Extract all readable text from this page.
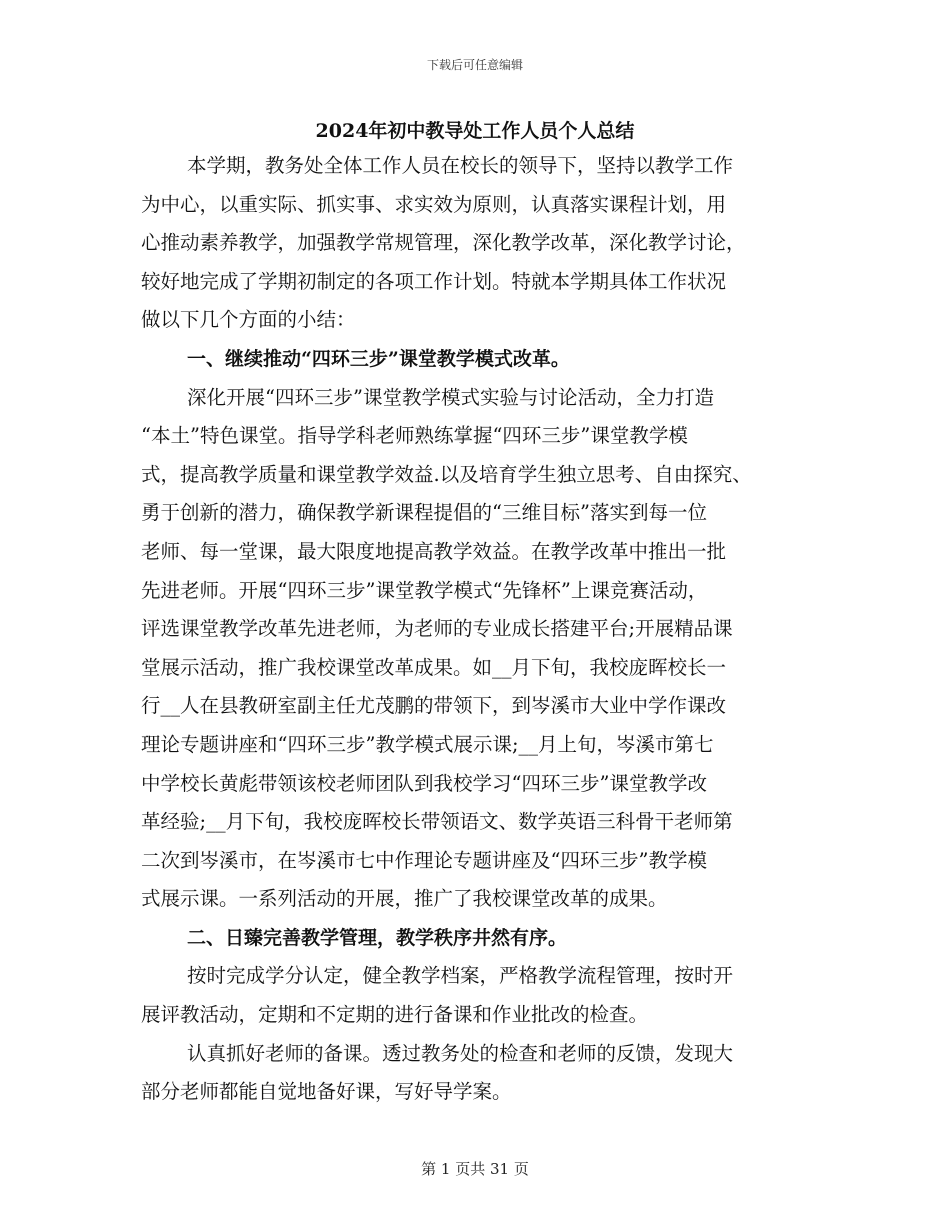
下载后可任意编辑
2024年初中教导处工作人员个人总结
本学期，教务处全体工作人员在校长的领导下，坚持以教学工作
为中心，以重实际、抓实事、求实效为原则，认真落实课程计划，用
心推动素养教学，加强教学常规管理，深化教学改革，深化教学讨论，
较好地完成了学期初制定的各项工作计划。特就本学期具体工作状况
做以下几个方面的小结：
一、继续推动“四环三步”课堂教学模式改革。
深化开展“四环三步”课堂教学模式实验与讨论活动，全力打造
“本土”特色课堂。指导学科老师熟练掌握“四环三步”课堂教学模
式，提高教学质量和课堂教学效益.以及培育学生独立思考、自由探究、
勇于创新的潜力，确保教学新课程提倡的“三维目标”落实到每一位
老师、每一堂课，最大限度地提高教学效益。在教学改革中推出一批
先进老师。开展“四环三步”课堂教学模式“先锋杯”上课竞赛活动，
评选课堂教学改革先进老师，为老师的专业成长搭建平台;开展精品课
堂展示活动，推广我校课堂改革成果。如__月下旬，我校庞晖校长一
行__人在县教研室副主任尤茂鹏的带领下，到岑溪市大业中学作课改
理论专题讲座和“四环三步”教学模式展示课;__月上旬，岑溪市第七
中学校长黄彪带领该校老师团队到我校学习“四环三步”课堂教学改
革经验;__月下旬，我校庞晖校长带领语文、数学英语三科骨干老师第
二次到岑溪市，在岑溪市七中作理论专题讲座及“四环三步”教学模
式展示课。一系列活动的开展，推广了我校课堂改革的成果。
二、日臻完善教学管理，教学秩序井然有序。
按时完成学分认定，健全教学档案，严格教学流程管理，按时开
展评教活动，定期和不定期的进行备课和作业批改的检查。
认真抓好老师的备课。透过教务处的检查和老师的反馈，发现大
部分老师都能自觉地备好课，写好导学案。
第 1 页共 31 页
